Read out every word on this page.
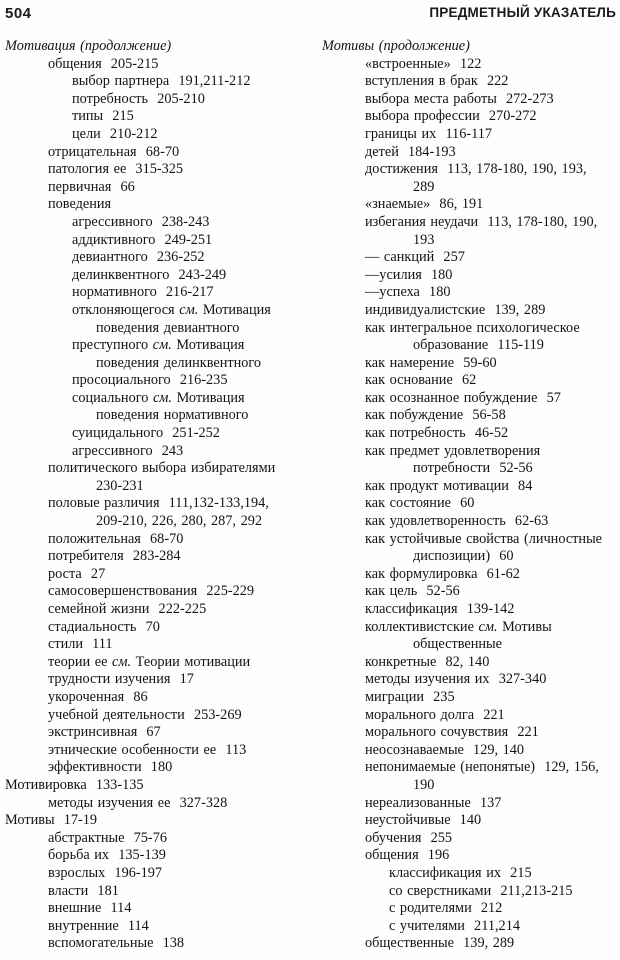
504	ПРЕДМЕТНЫЙ УКАЗАТЕЛЬ
Мотивация (продолжение)
общения  205-215
выбор партнера  191,211-212
потребность  205-210
типы  215
цели  210-212
отрицательная  68-70
патология ее  315-325
первичная  66
поведения
агрессивного  238-243
аддиктивного  249-251
девиантного  236-252
делинквентного  243-249
нормативного  216-217
отклоняющегося см. Мотивация
поведения девиантного
преступного см. Мотивация
поведения делинквентного
просоциального  216-235
социального см. Мотивация
поведения нормативного
суицидального  251-252
агрессивного  243
политического выбора избирателями
230-231
половые различия  111,132-133,194,
209-210, 226, 280, 287, 292
положительная  68-70
потребителя  283-284
роста  27
самосовершенствования  225-229
семейной жизни  222-225
стадиальность  70
стили  111
теории ее см. Теории мотивации
трудности изучения  17
укороченная  86
учебной деятельности  253-269
экстринсивная  67
этнические особенности ее  113
эффективности  180
Мотивировка  133-135
методы изучения ее  327-328
Мотивы  17-19
абстрактные  75-76
борьба их  135-139
взрослых  196-197
власти  181
внешние  114
внутренние  114
вспомогательные  138
Мотивы (продолжение)
«встроенные»  122
вступления в брак  222
выбора места работы  272-273
выбора профессии  270-272
границы их  116-117
детей  184-193
достижения  113, 178-180, 190, 193,
289
«знаемые»  86, 191
избегания неудачи  113, 178-180, 190,
193
— санкций  257
—усилия  180
—успеха  180
индивидуалистские  139, 289
как интегральное психологическое
образование  115-119
как намерение  59-60
как основание  62
как осознанное побуждение  57
как побуждение  56-58
как потребность  46-52
как предмет удовлетворения
потребности  52-56
как продукт мотивации  84
как состояние  60
как удовлетворенность  62-63
как устойчивые свойства (личностные
диспозиции)  60
как формулировка  61-62
как цель  52-56
классификация  139-142
коллективистские см. Мотивы
общественные
конкретные  82, 140
методы изучения их  327-340
миграции  235
морального долга  221
морального сочувствия  221
неосознаваемые  129, 140
непонимаемые (непонятые)  129, 156,
190
нереализованные  137
неустойчивые  140
обучения  255
общения  196
классификация их  215
со сверстниками  211,213-215
с родителями  212
с учителями  211,214
общественные  139, 289
